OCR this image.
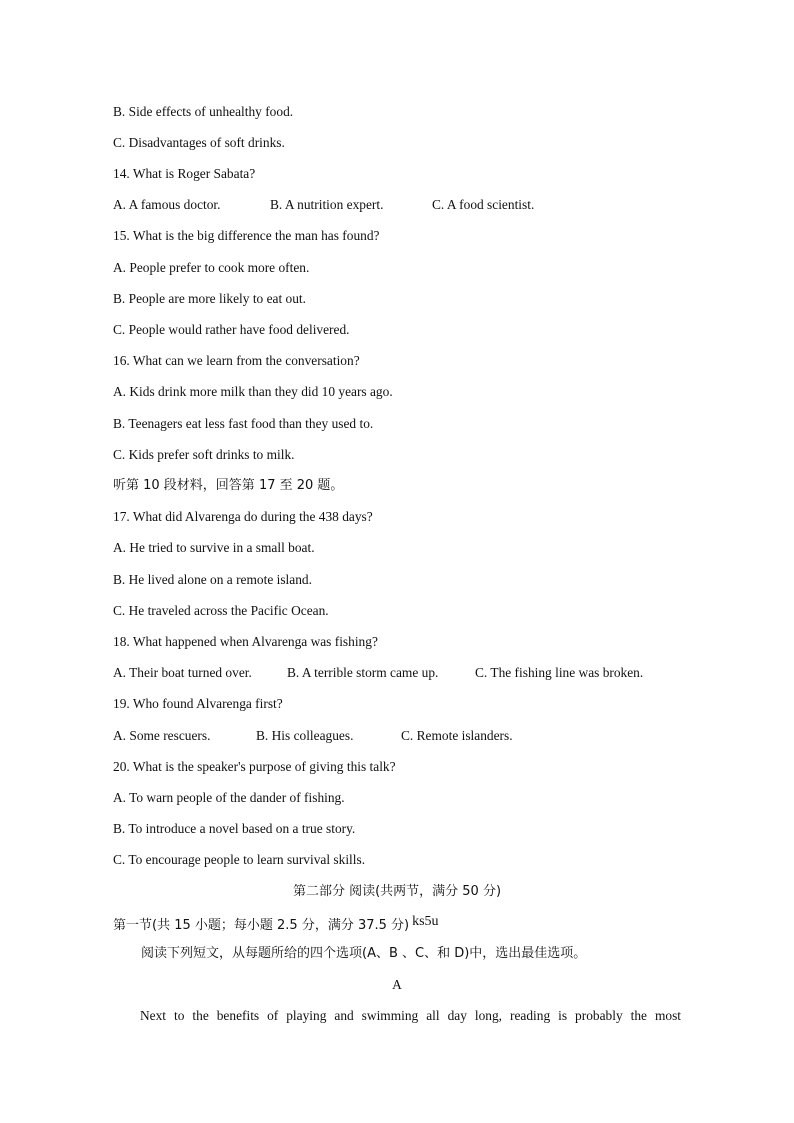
B. Side effects of unhealthy food.
C. Disadvantages of soft drinks.
14. What is Roger Sabata?
A. A famous doctor.	B. A nutrition expert.	C. A food scientist.
15. What is the big difference the man has found?
A. People prefer to cook more often.
B. People are more likely to eat out.
C. People would rather have food delivered.
16. What can we learn from the conversation?
A. Kids drink more milk than they did 10 years ago.
B. Teenagers eat less fast food than they used to.
C. Kids prefer soft drinks to milk.
听第 10 段材料，回答第 17 至 20 题。
17. What did Alvarenga do during the 438 days?
A. He tried to survive in a small boat.
B. He lived alone on a remote island.
C. He traveled across the Pacific Ocean.
18. What happened when Alvarenga was fishing?
A. Their boat turned over.	B. A terrible storm came up.	C. The fishing line was broken.
19. Who found Alvarenga first?
A. Some rescuers.	B. His colleagues.	C. Remote islanders.
20. What is the speaker's purpose of giving this talk?
A. To warn people of the dander of fishing.
B. To introduce a novel based on a true story.
C. To encourage people to learn survival skills.
第二部分 阅读(共两节，满分 50 分)
第一节(共 15 小题；每小题 2.5 分，满分 37.5 分) ks5u
阅读下列短文，从每题所给的四个选项(A、B 、C、和 D)中，选出最佳选项。
A
Next to the benefits of playing and swimming all day long, reading is probably the most
